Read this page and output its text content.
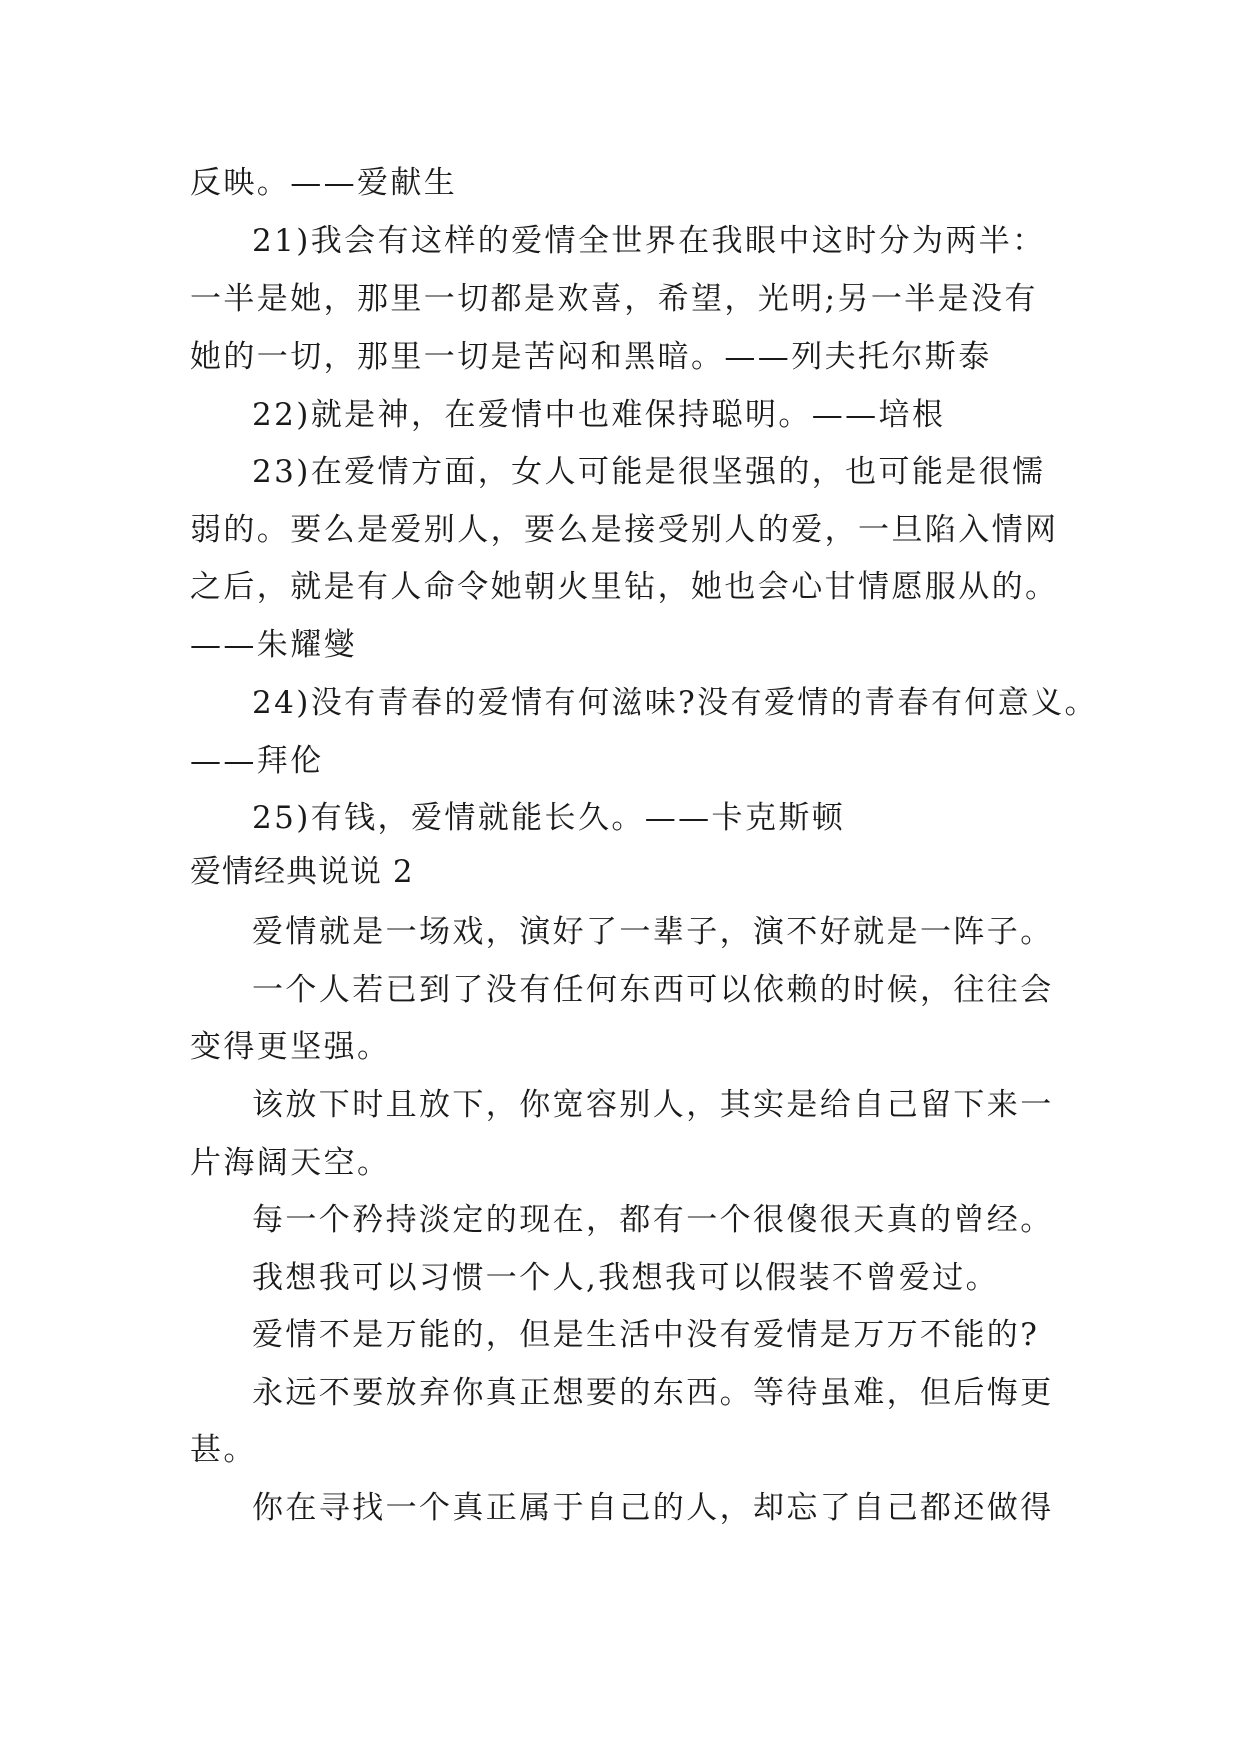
反映。——爱献生
21)我会有这样的爱情全世界在我眼中这时分为两半：
一半是她，那里一切都是欢喜，希望，光明;另一半是没有
她的一切，那里一切是苦闷和黑暗。——列夫托尔斯泰
22)就是神，在爱情中也难保持聪明。——培根
23)在爱情方面，女人可能是很坚强的，也可能是很懦
弱的。要么是爱别人，要么是接受别人的爱，一旦陷入情网
之后，就是有人命令她朝火里钻，她也会心甘情愿服从的。
——朱耀燮
24)没有青春的爱情有何滋味?没有爱情的青春有何意义。
——拜伦
25)有钱，爱情就能长久。——卡克斯顿
爱情经典说说 2
爱情就是一场戏，演好了一辈子，演不好就是一阵子。
一个人若已到了没有任何东西可以依赖的时候，往往会
变得更坚强。
该放下时且放下，你宽容别人，其实是给自己留下来一
片海阔天空。
每一个矜持淡定的现在，都有一个很傻很天真的曾经。
我想我可以习惯一个人,我想我可以假装不曾爱过。
爱情不是万能的，但是生活中没有爱情是万万不能的?
永远不要放弃你真正想要的东西。等待虽难，但后悔更
甚。
你在寻找一个真正属于自己的人，却忘了自己都还做得
